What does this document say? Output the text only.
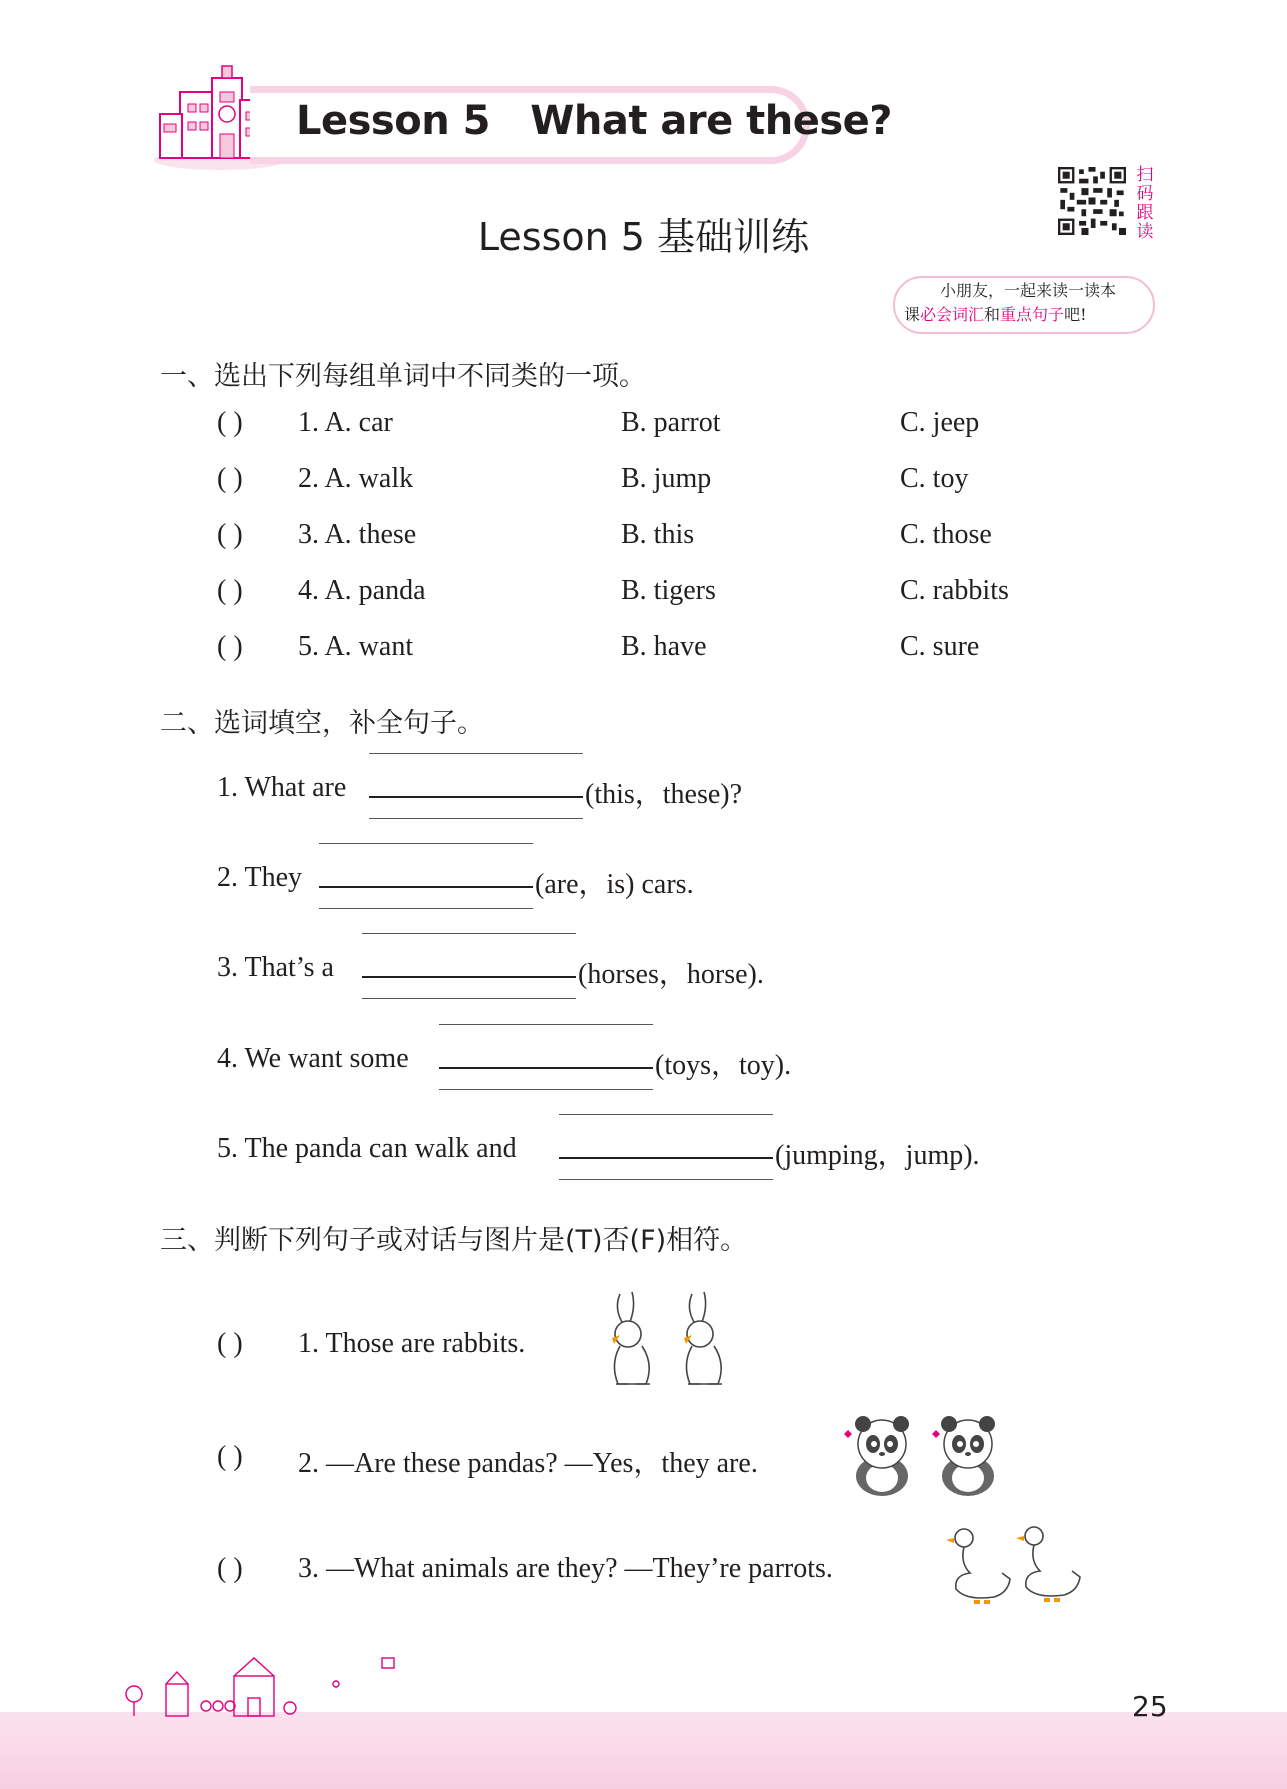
Lesson 5   What are these?
Lesson 5 基础训练
扫码跟读
小朋友，一起来读一读本
课必会词汇和重点句子吧!
一、选出下列每组单词中不同类的一项。
( ) 1. A. car	B. parrot	C. jeep
( ) 2. A. walk	B. jump	C. toy
( ) 3. A. these	B. this	C. those
( ) 4. A. panda	B. tigers	C. rabbits
( ) 5. A. want	B. have	C. sure
二、选词填空，补全句子。
1. What are	(this，these)?
2. They	(are，is) cars.
3. That’s a	(horses，horse).
4. We want some	(toys，toy).
5. The panda can walk and	(jumping，jump).
三、判断下列句子或对话与图片是(T)否(F)相符。
( ) 1. Those are rabbits.
( ) 2. —Are these pandas? —Yes，they are.
( ) 3. —What animals are they? —They’re parrots.
25
